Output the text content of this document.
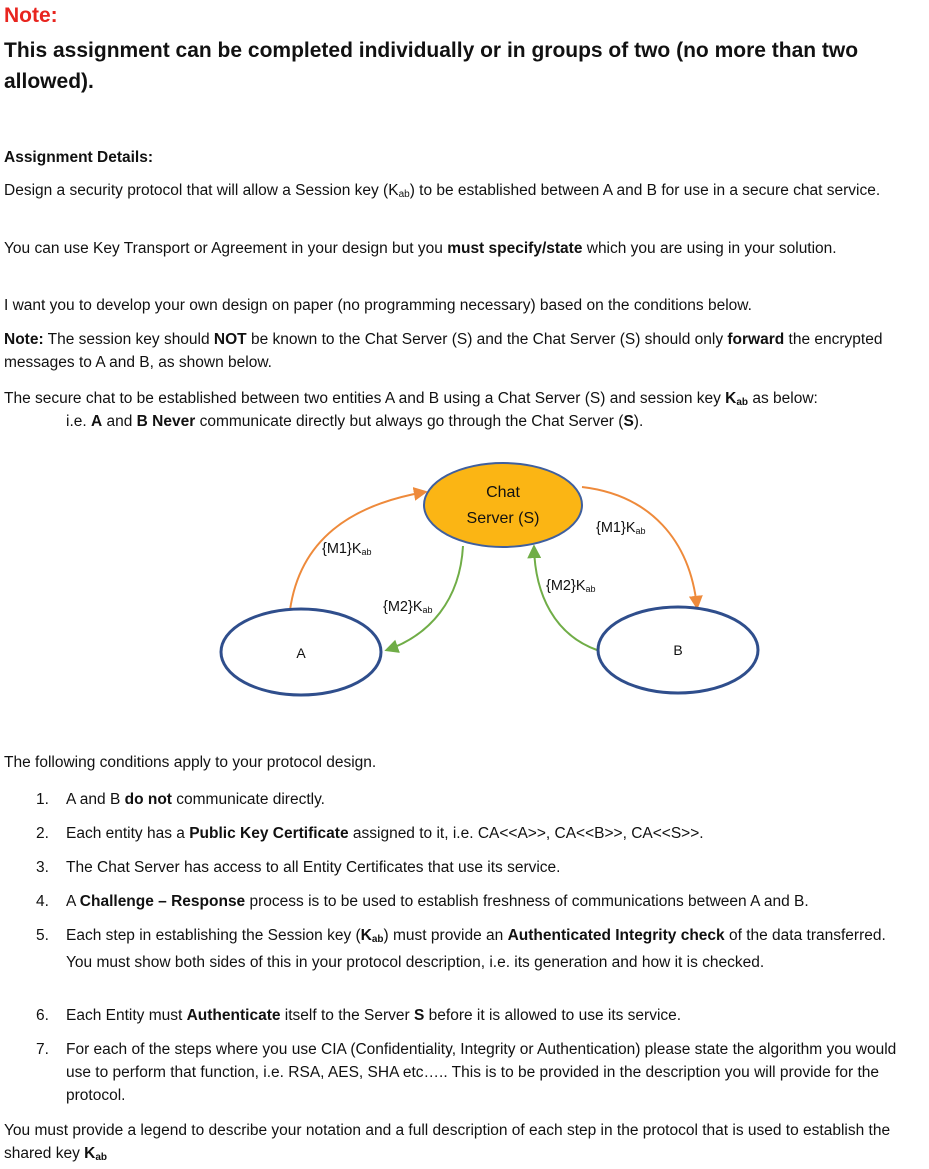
Note:
This assignment can be completed individually or in groups of two (no more than two allowed).
Assignment Details:
Design a security protocol that will allow a Session key $(K_{ab})$ to be established between A and B for use in a secure chat service.
You can use Key Transport or Agreement in your design but you must specify/state which you are using in your solution.
I want you to develop your own design on paper (no programming necessary) based on the conditions below.
Note: The session key should NOT be known to the Chat Server (S) and the Chat Server (S) should only forward the encrypted messages to A and B, as shown below.
The secure chat to be established between two entities A and B using a Chat Server (S) and session key $K_{ab}$ as below:
i.e. A and B Never communicate directly but always go through the Chat Server (S).
Chat
Server (S)
A	B
{M1}Kab
{M1}Kab
{M2}Kab
{M2}Kab
The following conditions apply to your protocol design.
1.	A and B do not communicate directly.
2.	Each entity has a Public Key Certificate assigned to it, i.e. CA<<A>>, CA<<B>>, CA<<S>>.
3.	The Chat Server has access to all Entity Certificates that use its service.
4.	A Challenge – Response process is to be used to establish freshness of communications between A and B.
5.	Each step in establishing the Session key $(K_{ab})$ must provide an Authenticated Integrity check of the data transferred. You must show both sides of this in your protocol description, i.e. its generation and how it is checked.
6.	Each Entity must Authenticate itself to the Server S before it is allowed to use its service.
7.	For each of the steps where you use CIA (Confidentiality, Integrity or Authentication) please state the algorithm you would use to perform that function, i.e. RSA, AES, SHA etc….. This is to be provided in the description you will provide for the protocol.
You must provide a legend to describe your notation and a full description of each step in the protocol that is used to establish the shared key $K_{ab}$
